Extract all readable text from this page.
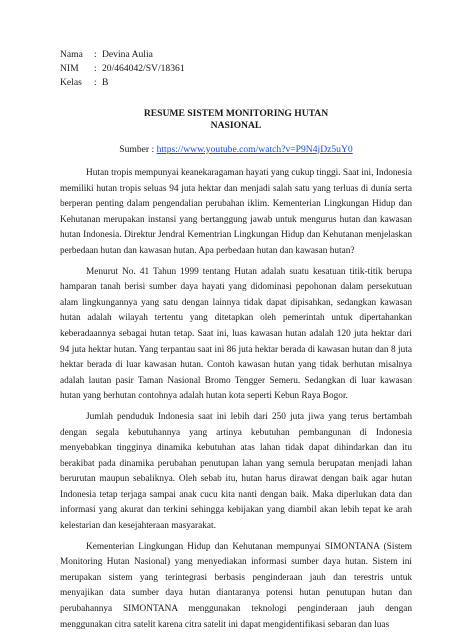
Nama	: Devina Aulia
NIM	: 20/464042/SV/18361
Kelas	: B
RESUME SISTEM MONITORING HUTAN
NASIONAL
Sumber : https://www.youtube.com/watch?v=P9N4jDz5uY0

Hutan tropis mempunyai keanekaragaman hayati yang cukup tinggi. Saat ini, Indonesia memiliki hutan tropis seluas 94 juta hektar dan menjadi salah satu yang terluas di dunia serta berperan penting dalam pengendalian perubahan iklim. Kementerian Lingkungan Hidup dan Kehutanan merupakan instansi yang bertanggung jawab untuk mengurus hutan dan kawasan hutan Indonesia. Direktur Jendral Kementrian Lingkungan Hidup dan Kehutanan menjelaskan perbedaan hutan dan kawasan hutan. Apa perbedaan hutan dan kawasan hutan?

Menurut No. 41 Tahun 1999 tentang Hutan adalah suatu kesatuan titik-titik berupa hamparan tanah berisi sumber daya hayati yang didominasi pepohonan dalam persekutuan alam lingkungannya yang satu dengan lainnya tidak dapat dipisahkan, sedangkan kawasan hutan adalah wilayah tertentu yang ditetapkan oleh pemerintah untuk dipertahankan keberadaannya sebagai hutan tetap. Saat ini, luas kawasan hutan adalah 120 juta hektar dari 94 juta hektar hutan. Yang terpantau saat ini 86 juta hektar berada di kawasan hutan dan 8 juta hektar berada di luar kawasan hutan. Contoh kawasan hutan yang tidak berhutan misalnya adalah lautan pasir Taman Nasional Bromo Tengger Semeru. Sedangkan di luar kawasan hutan yang berhutan contohnya adalah hutan kota seperti Kebun Raya Bogor.

Jumlah penduduk Indonesia saat ini lebih dari 250 juta jiwa yang terus bertambah dengan segala kebutuhannya yang artinya kebutuhan pembangunan di Indonesia menyebabkan tingginya dinamika kebutuhan atas lahan tidak dapat dihindarkan dan itu berakibat pada dinamika perubahan penutupan lahan yang semula berupatan menjadi lahan berurutan maupun sebaliknya. Oleh sebab itu, hutan harus dirawat dengan baik agar hutan Indonesia tetap terjaga sampai anak cucu kita nanti dengan baik. Maka diperlukan data dan informasi yang akurat dan terkini sehingga kebijakan yang diambil akan lebih tepat ke arah kelestarian dan kesejahteraan masyarakat.

Kementerian Lingkungan Hidup dan Kehutanan mempunyai SIMONTANA (Sistem Monitoring Hutan Nasional) yang menyediakan informasi sumber daya hutan. Sistem ini merupakan sistem yang terintegrasi berbasis penginderaan jauh dan terestris untuk menyajikan data sumber daya hutan diantaranya potensi hutan penutupan hutan dan perubahannya SIMONTANA menggunakan teknologi penginderaan jauh dengan menggunakan citra satelit karena citra satelit ini dapat mengidentifikasi sebaran dan luas
